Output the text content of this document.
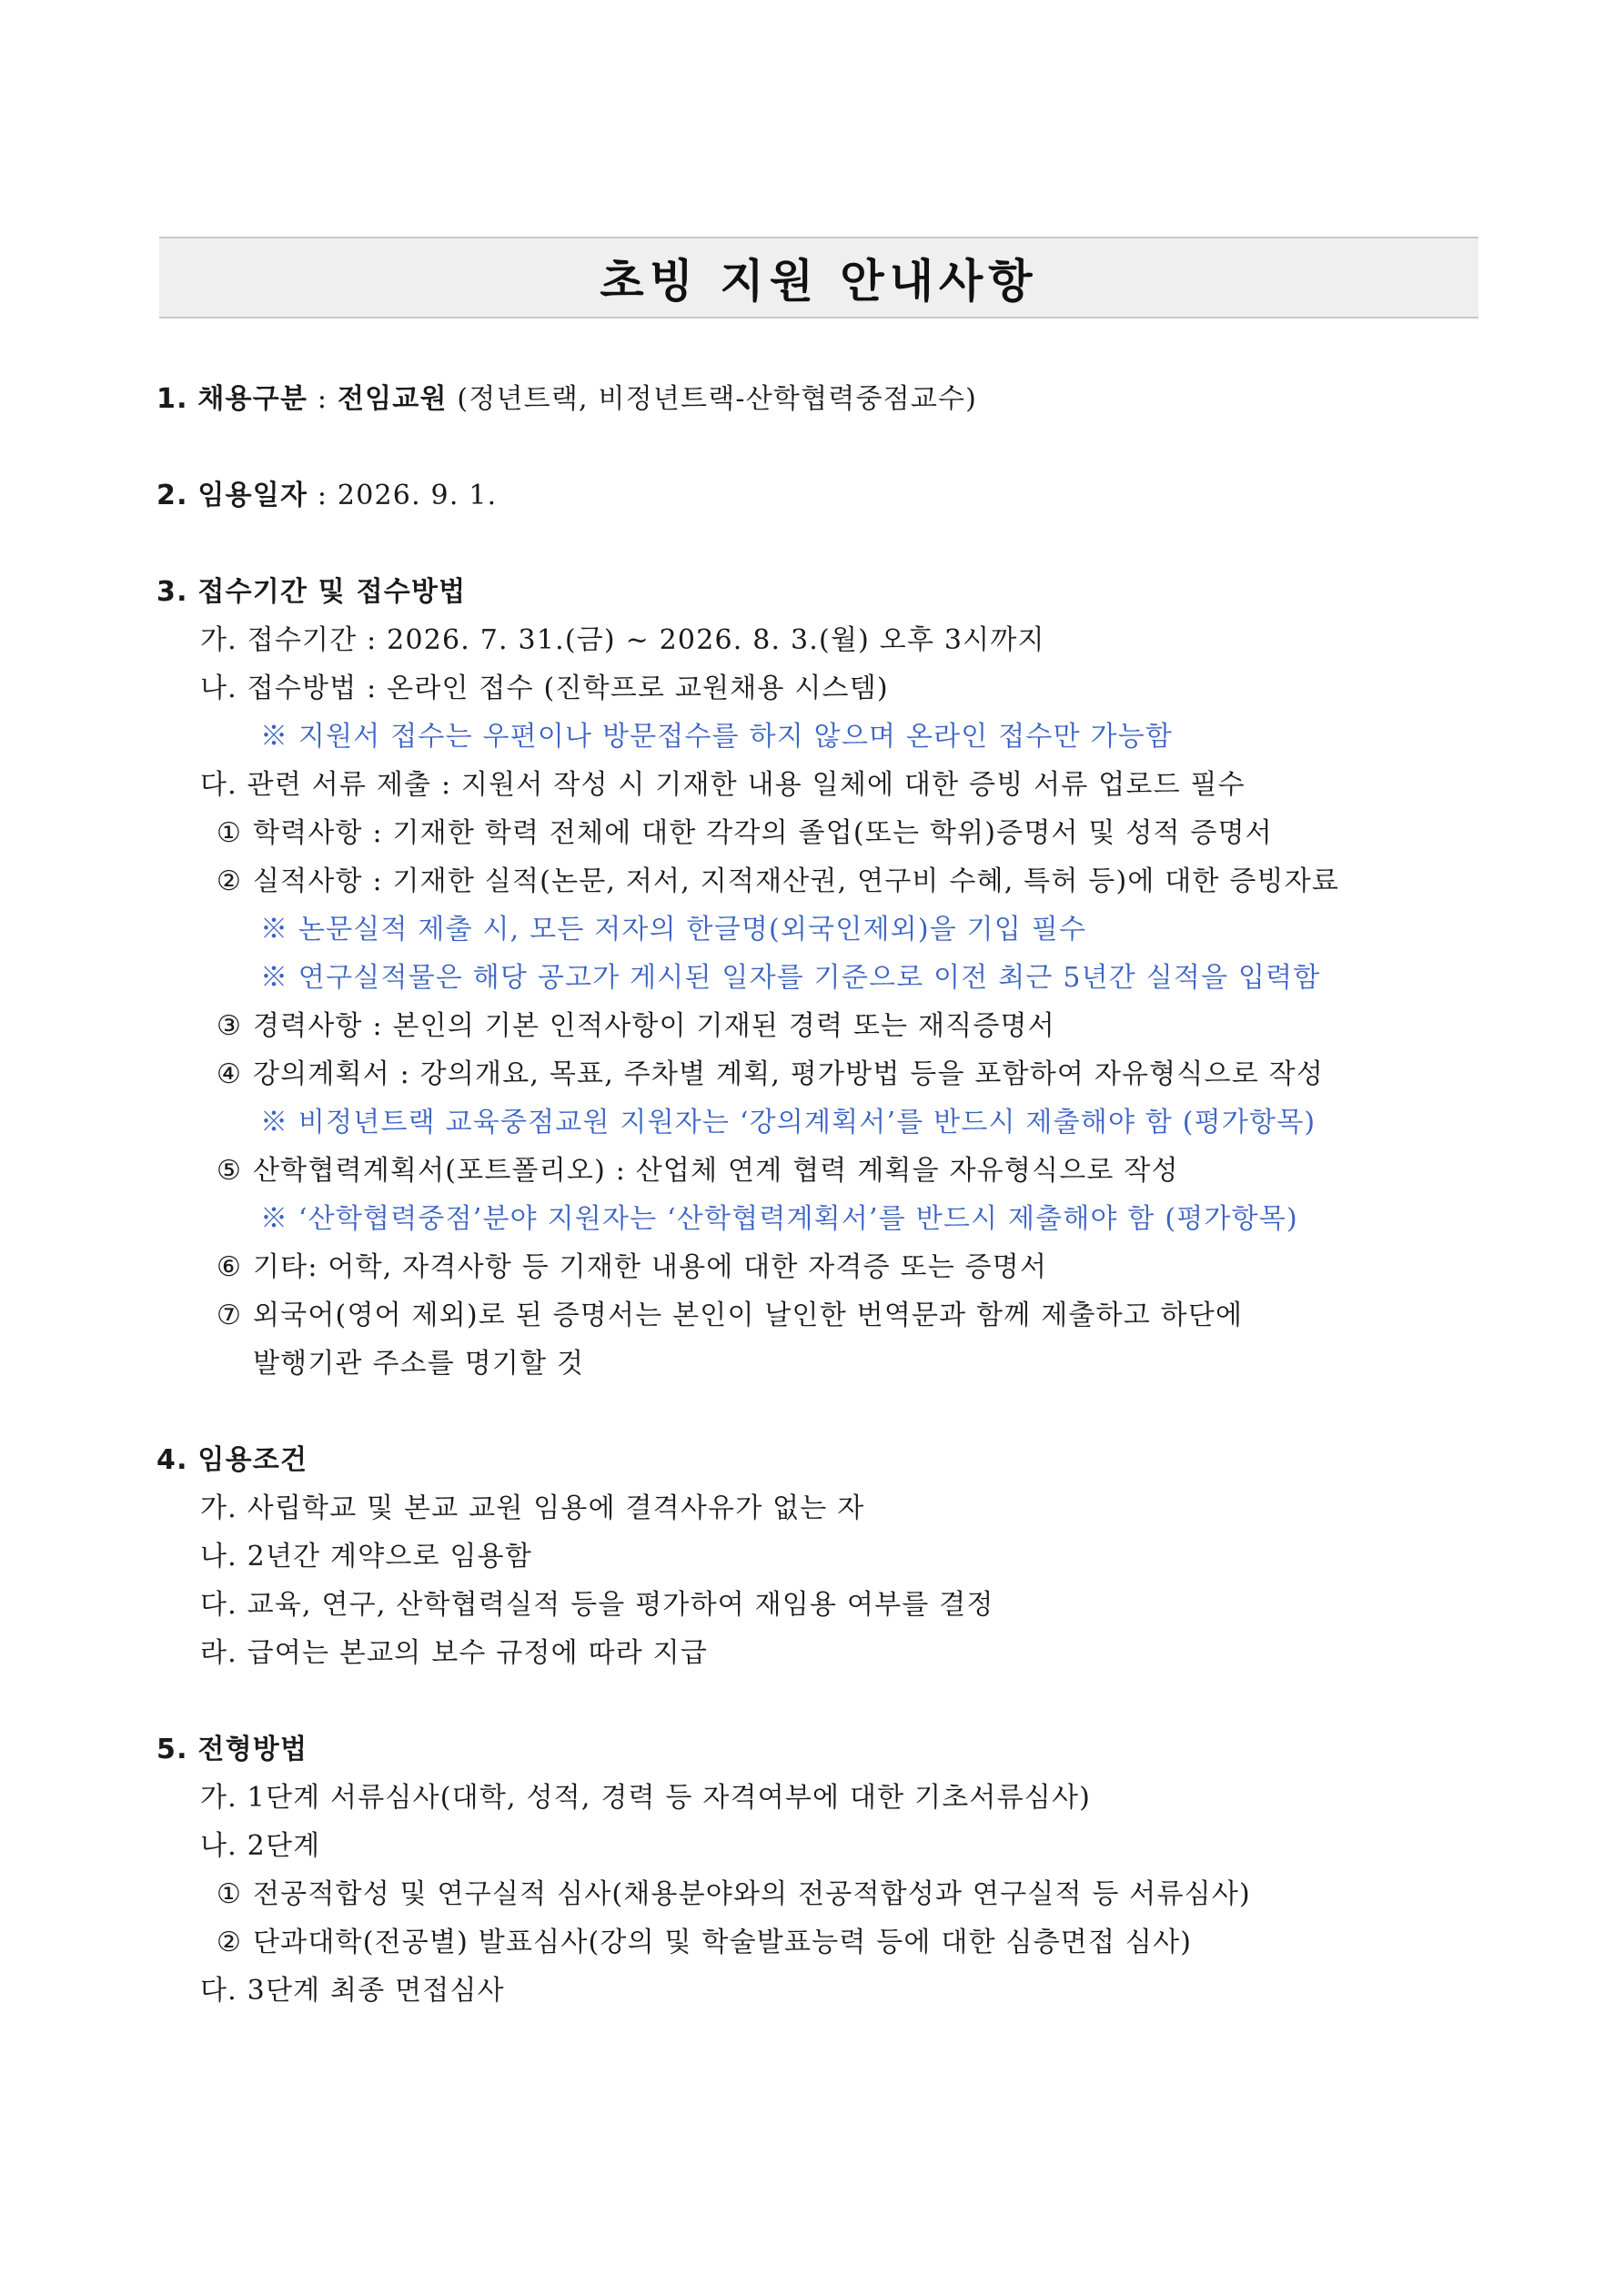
초빙 지원 안내사항
1. 채용구분 : 전임교원 (정년트랙, 비정년트랙-산학협력중점교수)
2. 임용일자 : 2026. 9. 1.
3. 접수기간 및 접수방법
가. 접수기간 : 2026. 7. 31.(금) ~ 2026. 8. 3.(월) 오후 3시까지
나. 접수방법 : 온라인 접수 (진학프로 교원채용 시스템)
※ 지원서 접수는 우편이나 방문접수를 하지 않으며 온라인 접수만 가능함
다. 관련 서류 제출 : 지원서 작성 시 기재한 내용 일체에 대한 증빙 서류 업로드 필수
① 학력사항 : 기재한 학력 전체에 대한 각각의 졸업(또는 학위)증명서 및 성적 증명서
② 실적사항 : 기재한 실적(논문, 저서, 지적재산권, 연구비 수혜, 특허 등)에 대한 증빙자료
※ 논문실적 제출 시, 모든 저자의 한글명(외국인제외)을 기입 필수
※ 연구실적물은 해당 공고가 게시된 일자를 기준으로 이전 최근 5년간 실적을 입력함
③ 경력사항 : 본인의 기본 인적사항이 기재된 경력 또는 재직증명서
④ 강의계획서 : 강의개요, 목표, 주차별 계획, 평가방법 등을 포함하여 자유형식으로 작성
※ 비정년트랙 교육중점교원 지원자는 ‘강의계획서’를 반드시 제출해야 함 (평가항목)
⑤ 산학협력계획서(포트폴리오) : 산업체 연계 협력 계획을 자유형식으로 작성
※ ‘산학협력중점’분야 지원자는 ‘산학협력계획서’를 반드시 제출해야 함 (평가항목)
⑥ 기타: 어학, 자격사항 등 기재한 내용에 대한 자격증 또는 증명서
⑦ 외국어(영어 제외)로 된 증명서는 본인이 날인한 번역문과 함께 제출하고 하단에
발행기관 주소를 명기할 것
4. 임용조건
가. 사립학교 및 본교 교원 임용에 결격사유가 없는 자
나. 2년간 계약으로 임용함
다. 교육, 연구, 산학협력실적 등을 평가하여 재임용 여부를 결정
라. 급여는 본교의 보수 규정에 따라 지급
5. 전형방법
가. 1단계 서류심사(대학, 성적, 경력 등 자격여부에 대한 기초서류심사)
나. 2단계
① 전공적합성 및 연구실적 심사(채용분야와의 전공적합성과 연구실적 등 서류심사)
② 단과대학(전공별) 발표심사(강의 및 학술발표능력 등에 대한 심층면접 심사)
다. 3단계 최종 면접심사
